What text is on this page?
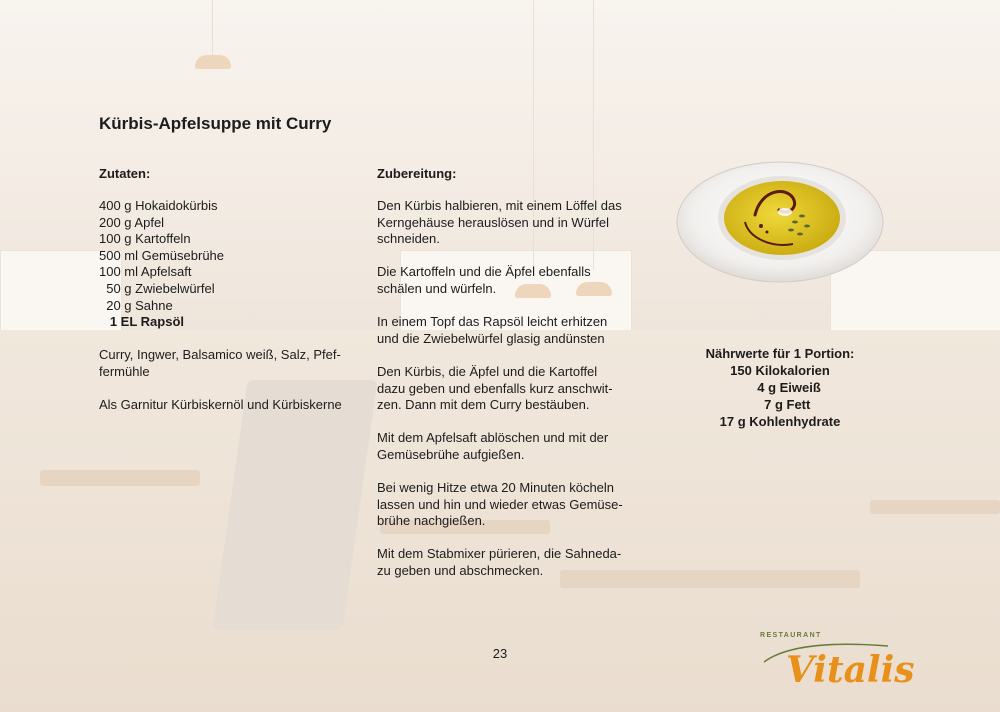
Kürbis-Apfelsuppe mit Curry
Zutaten:
400 g Hokaidokürbis
200 g Apfel
100 g Kartoffeln
500 ml Gemüsebrühe
100 ml Apfelsaft
50 g Zwiebelwürfel
20 g Sahne
1 EL Rapsöl
Curry, Ingwer, Balsamico weiß, Salz, Pfef-
fermühle
Als Garnitur Kürbiskernöl und Kürbiskerne
Zubereitung:
Den Kürbis halbieren, mit einem Löffel das
Kerngehäuse herauslösen und in Würfel
schneiden.
Die Kartoffeln und die Äpfel ebenfalls
schälen und würfeln.
In einem Topf das Rapsöl leicht erhitzen
und die Zwiebelwürfel glasig andünsten
Den Kürbis, die Äpfel und die Kartoffel
dazu geben und ebenfalls kurz anschwit-
zen. Dann mit dem Curry bestäuben.
Mit dem Apfelsaft ablöschen und mit der
Gemüsebrühe aufgießen.
Bei wenig Hitze etwa 20 Minuten köcheln
lassen und hin und wieder etwas Gemüse-
brühe nachgießen.
Mit dem Stabmixer pürieren, die Sahneda-
zu geben und abschmecken.
Nährwerte für 1 Portion:
150 Kilokalorien
4 g Eiweiß
7 g Fett
17 g Kohlenhydrate
23	Vitalis
RESTAURANT
